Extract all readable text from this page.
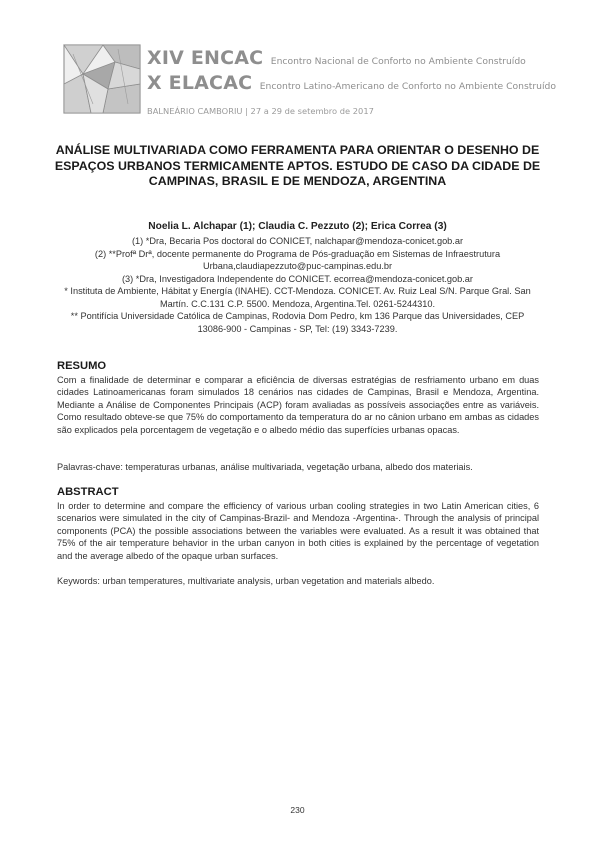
XIV ENCAC Encontro Nacional de Conforto no Ambiente Construído
X ELACAC Encontro Latino-Americano de Conforto no Ambiente Construído
BALNEÁRIO CAMBORIU | 27 a 29 de setembro de 2017
ANÁLISE MULTIVARIADA COMO FERRAMENTA PARA ORIENTAR O DESENHO DE ESPAÇOS URBANOS TERMICAMENTE APTOS. ESTUDO DE CASO DA CIDADE DE CAMPINAS, BRASIL E DE MENDOZA, ARGENTINA
Noelia L. Alchapar (1); Claudia C. Pezzuto (2); Erica Correa (3)
(1) *Dra, Becaria Pos doctoral do CONICET, nalchapar@mendoza-conicet.gob.ar
(2) **Profª Drª, docente permanente do Programa de Pós-graduação em Sistemas de Infraestrutura Urbana,claudiapezzuto@puc-campinas.edu.br
(3) *Dra, Investigadora Independente do CONICET. ecorrea@mendoza-conicet.gob.ar
* Instituta de Ambiente, Hábitat y Energía (INAHE). CCT-Mendoza. CONICET. Av. Ruiz Leal S/N. Parque Gral. San Martín. C.C.131 C.P. 5500. Mendoza, Argentina.Tel. 0261-5244310.
** Pontifícia Universidade Católica de Campinas, Rodovia Dom Pedro, km 136 Parque das Universidades, CEP 13086-900 - Campinas - SP, Tel: (19) 3343-7239.
RESUMO
Com a finalidade de determinar e comparar a eficiência de diversas estratégias de resfriamento urbano em duas cidades Latinoamericanas foram simulados 18 cenários nas cidades de Campinas, Brasil e Mendoza, Argentina. Mediante a Análise de Componentes Principais (ACP) foram avaliadas as possíveis associações entre as variáveis. Como resultado obteve-se que 75% do comportamento da temperatura do ar no cânion urbano em ambas as cidades são explicados pela porcentagem de vegetação e o albedo médio das superfícies urbanas opacas.
Palavras-chave: temperaturas urbanas, análise multivariada, vegetação urbana, albedo dos materiais.
ABSTRACT
In order to determine and compare the efficiency of various urban cooling strategies in two Latin American cities, 6 scenarios were simulated in the city of Campinas-Brazil- and Mendoza -Argentina-. Through the analysis of principal components (PCA) the possible associations between the variables were evaluated. As a result it was obtained that 75% of the air temperature behavior in the urban canyon in both cities is explained by the percentage of vegetation and the average albedo of the opaque urban surfaces.
Keywords: urban temperatures, multivariate analysis, urban vegetation and materials albedo.
230
